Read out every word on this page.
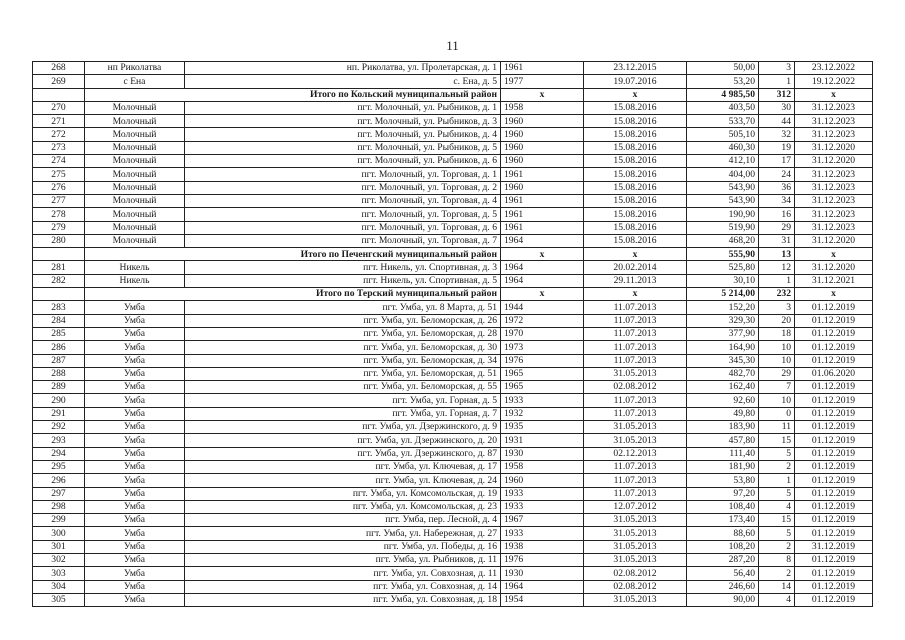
11
268	нп Риколатва	нп. Риколатва, ул. Пролетарская, д. 1	1961	23.12.2015	50,00	3	23.12.2022
269	с Ена	с. Ена, д. 5	1977	19.07.2016	53,20	1	19.12.2022
	Итого по Кольский муниципальный район		x	x	4 985,50	312	x
270	Молочный	пгт. Молочный, ул. Рыбников, д. 1	1958	15.08.2016	403,50	30	31.12.2023
271	Молочный	пгт. Молочный, ул. Рыбников, д. 3	1960	15.08.2016	533,70	44	31.12.2023
272	Молочный	пгт. Молочный, ул. Рыбников, д. 4	1960	15.08.2016	505,10	32	31.12.2023
273	Молочный	пгт. Молочный, ул. Рыбников, д. 5	1960	15.08.2016	460,30	19	31.12.2020
274	Молочный	пгт. Молочный, ул. Рыбников, д. 6	1960	15.08.2016	412,10	17	31.12.2020
275	Молочный	пгт. Молочный, ул. Торговая, д. 1	1961	15.08.2016	404,00	24	31.12.2023
276	Молочный	пгт. Молочный, ул. Торговая, д. 2	1960	15.08.2016	543,90	36	31.12.2023
277	Молочный	пгт. Молочный, ул. Торговая, д. 4	1961	15.08.2016	543,90	34	31.12.2023
278	Молочный	пгт. Молочный, ул. Торговая, д. 5	1961	15.08.2016	190,90	16	31.12.2023
279	Молочный	пгт. Молочный, ул. Торговая, д. 6	1961	15.08.2016	519,90	29	31.12.2023
280	Молочный	пгт. Молочный, ул. Торговая, д. 7	1964	15.08.2016	468,20	31	31.12.2020
	Итого по Печенгский муниципальный район		x	x	555,90	13	x
281	Никель	пгт. Никель, ул. Спортивная, д. 3	1964	20.02.2014	525,80	12	31.12.2020
282	Никель	пгт. Никель, ул. Спортивная, д. 5	1964	29.11.2013	30,10	1	31.12.2021
	Итого по Терский муниципальный район		x	x	5 214,00	232	x
283	Умба	пгт. Умба, ул. 8 Марта, д. 51	1944	11.07.2013	152,20	3	01.12.2019
284	Умба	пгт. Умба, ул. Беломорская, д. 26	1972	11.07.2013	329,30	20	01.12.2019
285	Умба	пгт. Умба, ул. Беломорская, д. 28	1970	11.07.2013	377,90	18	01.12.2019
286	Умба	пгт. Умба, ул. Беломорская, д. 30	1973	11.07.2013	164,90	10	01.12.2019
287	Умба	пгт. Умба, ул. Беломорская, д. 34	1976	11.07.2013	345,30	10	01.12.2019
288	Умба	пгт. Умба, ул. Беломорская, д. 51	1965	31.05.2013	482,70	29	01.06.2020
289	Умба	пгт. Умба, ул. Беломорская, д. 55	1965	02.08.2012	162,40	7	01.12.2019
290	Умба	пгт. Умба, ул. Горная, д. 5	1933	11.07.2013	92,60	10	01.12.2019
291	Умба	пгт. Умба, ул. Горная, д. 7	1932	11.07.2013	49,80	0	01.12.2019
292	Умба	пгт. Умба, ул. Дзержинского, д. 9	1935	31.05.2013	183,90	11	01.12.2019
293	Умба	пгт. Умба, ул. Дзержинского, д. 20	1931	31.05.2013	457,80	15	01.12.2019
294	Умба	пгт. Умба, ул. Дзержинского, д. 87	1930	02.12.2013	111,40	5	01.12.2019
295	Умба	пгт. Умба, ул. Ключевая, д. 17	1958	11.07.2013	181,90	2	01.12.2019
296	Умба	пгт. Умба, ул. Ключевая, д. 24	1960	11.07.2013	53,80	1	01.12.2019
297	Умба	пгт. Умба, ул. Комсомольская, д. 19	1933	11.07.2013	97,20	5	01.12.2019
298	Умба	пгт. Умба, ул. Комсомольская, д. 23	1933	12.07.2012	108,40	4	01.12.2019
299	Умба	пгт. Умба, пер. Лесной, д. 4	1967	31.05.2013	173,40	15	01.12.2019
300	Умба	пгт. Умба, ул. Набережная, д. 27	1933	31.05.2013	88,60	5	01.12.2019
301	Умба	пгт. Умба, ул. Победы, д. 16	1938	31.05.2013	108,20	2	31.12.2019
302	Умба	пгт. Умба, ул. Рыбников, д. 11	1976	31.05.2013	287,20	8	01.12.2019
303	Умба	пгт. Умба, ул. Совхозная, д. 11	1930	02.08.2012	56,40	2	01.12.2019
304	Умба	пгт. Умба, ул. Совхозная, д. 14	1964	02.08.2012	246,60	14	01.12.2019
305	Умба	пгт. Умба, ул. Совхозная, д. 18	1954	31.05.2013	90,00	4	01.12.2019
